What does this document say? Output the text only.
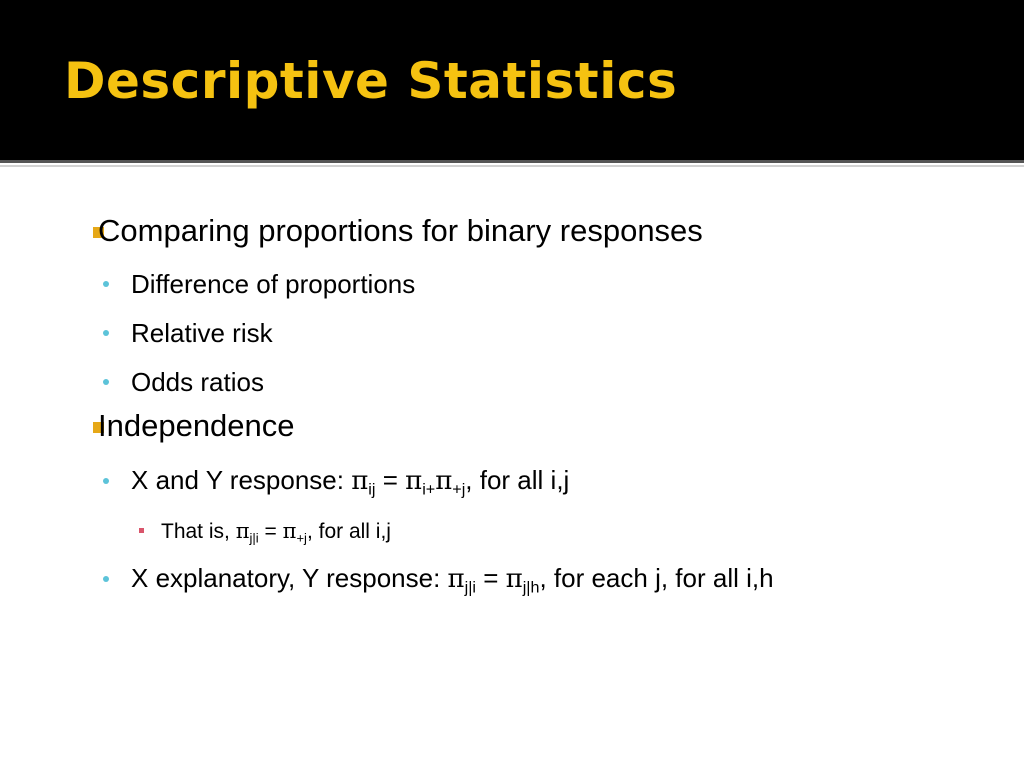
Descriptive Statistics
Comparing proportions for binary responses
Difference of proportions
Relative risk
Odds ratios
Independence
X and Y response: $\pi_{ij} = \pi_{i+}\pi_{+j}$, for all i,j
That is, $\pi_{j|i} = \pi_{+j}$, for all i,j
X explanatory, Y response: $\pi_{j|i} = \pi_{j|h}$, for each j, for all i,h
